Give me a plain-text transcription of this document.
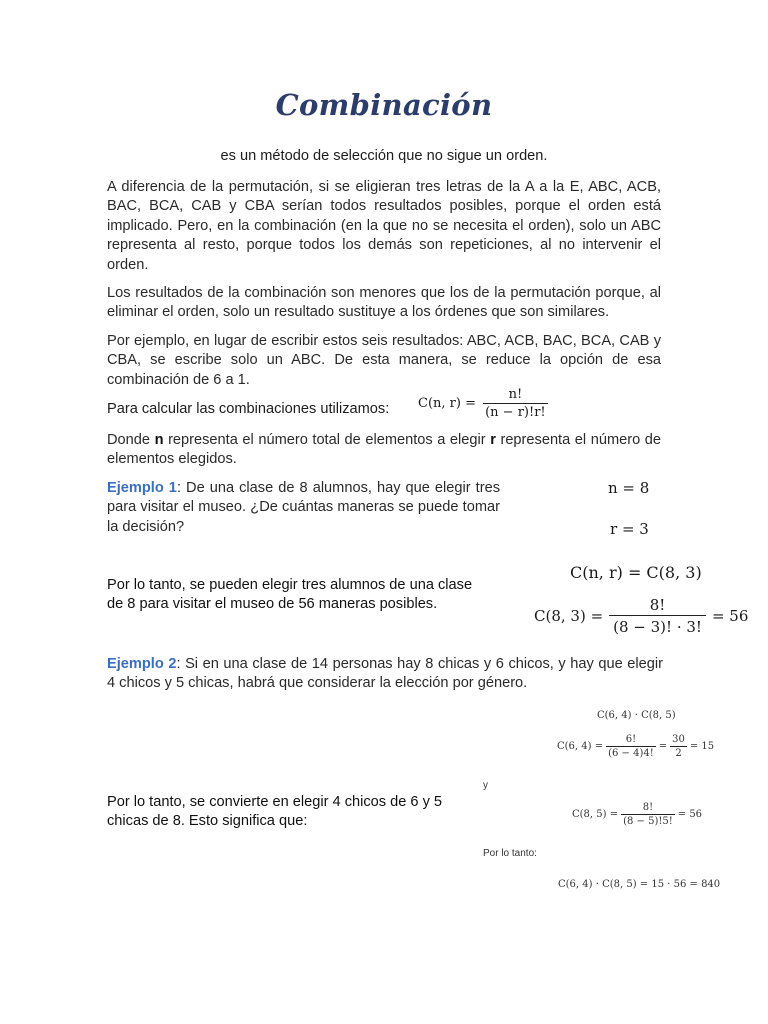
Combinación
es un método de selección que no sigue un orden.
A diferencia de la permutación, si se eligieran tres letras de la A a la E, ABC, ACB, BAC, BCA, CAB y CBA serían todos resultados posibles, porque el orden está implicado. Pero, en la combinación (en la que no se necesita el orden), solo un ABC representa al resto, porque todos los demás son repeticiones, al no intervenir el orden.
Los resultados de la combinación son menores que los de la permutación porque, al eliminar el orden, solo un resultado sustituye a los órdenes que son similares.
Por ejemplo, en lugar de escribir estos seis resultados: ABC, ACB, BAC, BCA, CAB y CBA, se escribe solo un ABC. De esta manera, se reduce la opción de esa combinación de 6 a 1.
Para calcular las combinaciones utilizamos: C(n, $r) = \frac{n!}{(n - r)!r!}$
Donde n representa el número total de elementos a elegir r representa el número de elementos elegidos.
Ejemplo 1: De una clase de 8 alumnos, hay que elegir tres para visitar el museo. ¿De cuántas maneras se puede tomar la decisión?
n = 8
r = 3
C(n, r) = C(8, 3)
C(8, $3) = \frac{8!}{(8 - 3)! \cdot 3!} = 56$
Por lo tanto, se pueden elegir tres alumnos de una clase de 8 para visitar el museo de 56 maneras posibles.
Ejemplo 2: Si en una clase de 14 personas hay 8 chicas y 6 chicos, y hay que elegir 4 chicos y 5 chicas, habrá que considerar la elección por género.
C(6, 4) · C(8, 5)
C(6, $4) = \frac{6!}{(6 - 4)4!} = \frac{30}{2} = 15$
y
C(8, $5) = \frac{8!}{(8 - 5)!5!} = 56$
Por lo tanto, se convierte en elegir 4 chicos de 6 y 5 chicas de 8. Esto significa que:
Por lo tanto:
C(6, 4) · C(8, 5) = 15 · 56 = 840
